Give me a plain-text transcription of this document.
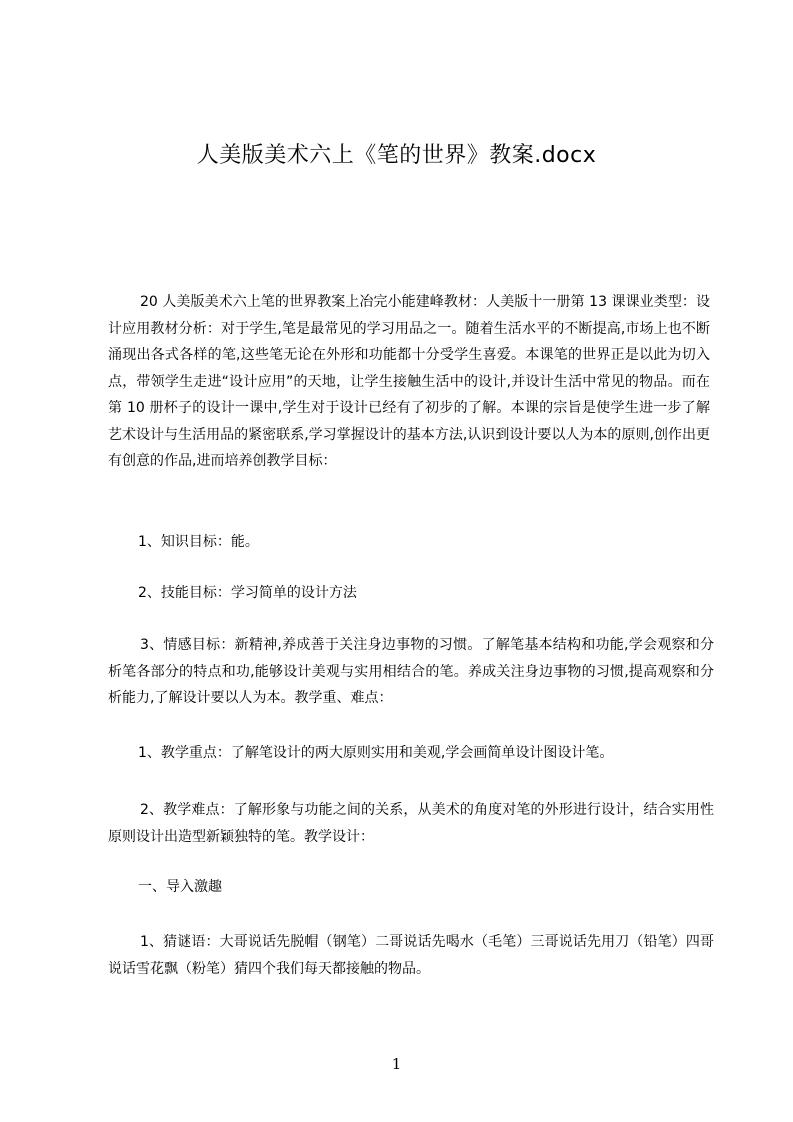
人美版美术六上《笔的世界》教案.docx

20 人美版美术六上笔的世界教案上冶完小能建峰教材：人美版十一册第 13 课课业类型：设计应用教材分析：对于学生,笔是最常见的学习用品之一。随着生活水平的不断提高,市场上也不断涌现出各式各样的笔,这些笔无论在外形和功能都十分受学生喜爱。本课笔的世界正是以此为切入点，带领学生走进“设计应用”的天地，让学生接触生活中的设计,并设计生活中常见的物品。而在第 10 册杯子的设计一课中,学生对于设计已经有了初步的了解。本课的宗旨是使学生进一步了解艺术设计与生活用品的紧密联系,学习掌握设计的基本方法,认识到设计要以人为本的原则,创作出更有创意的作品,进而培养创教学目标：

1、知识目标：能。

2、技能目标：学习简单的设计方法

3、情感目标：新精神,养成善于关注身边事物的习惯。了解笔基本结构和功能,学会观察和分析笔各部分的特点和功,能够设计美观与实用相结合的笔。养成关注身边事物的习惯,提高观察和分析能力,了解设计要以人为本。教学重、难点：

1、教学重点：了解笔设计的两大原则实用和美观,学会画简单设计图设计笔。

2、教学难点：了解形象与功能之间的关系，从美术的角度对笔的外形进行设计，结合实用性原则设计出造型新颖独特的笔。教学设计：

一、导入激趣

1、猜谜语：大哥说话先脱帽（钢笔）二哥说话先喝水（毛笔）三哥说话先用刀（铅笔）四哥说话雪花飘（粉笔）猜四个我们每天都接触的物品。

1
